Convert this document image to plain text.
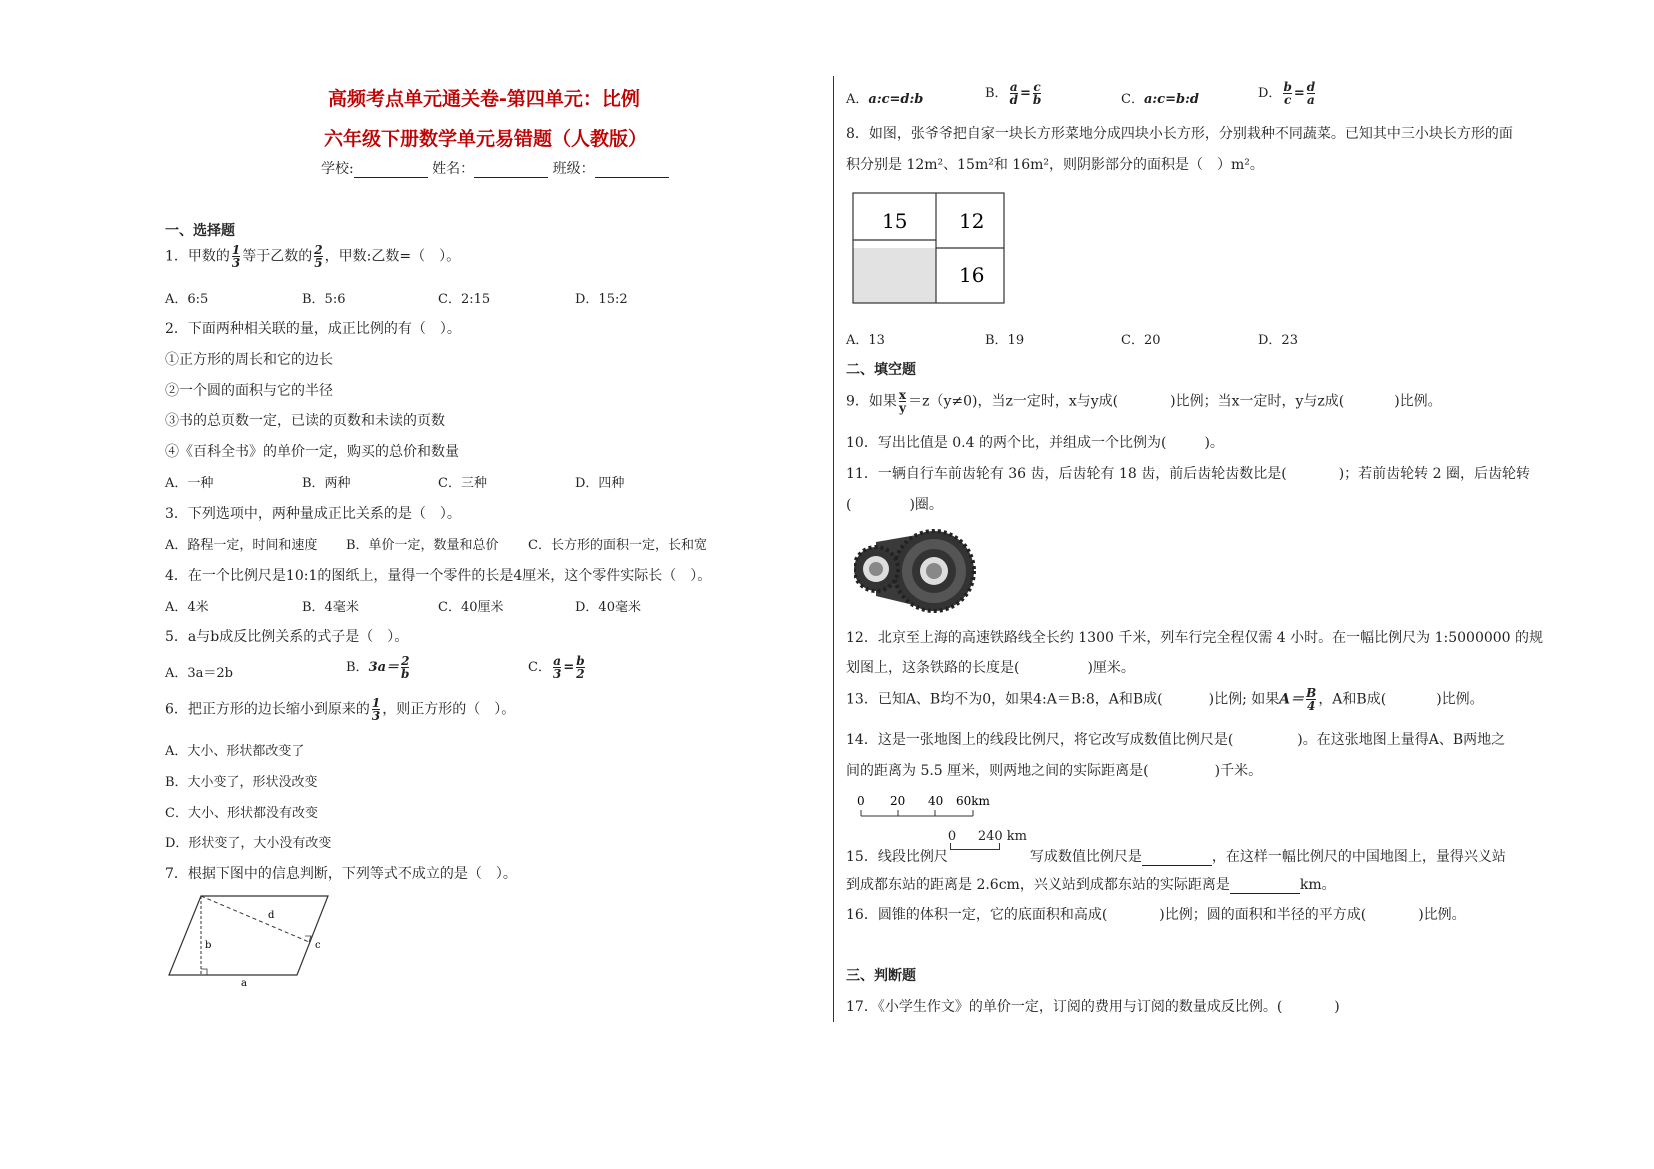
高频考点单元通关卷-第四单元：比例
六年级下册数学单元易错题（人教版）
学校:	姓名：	班级：
一、选择题
1．甲数的 $\frac{1}{3}$ 等于乙数的 $\frac{2}{5}$ ，甲数:乙数=（　）。
A．6:5	B．5:6	C．2:15	D．15:2
2．下面两种相关联的量，成正比例的有（　）。
①正方形的周长和它的边长
②一个圆的面积与它的半径
③书的总页数一定，已读的页数和未读的页数
④《百科全书》的单价一定，购买的总价和数量
A．一种	B．两种	C．三种	D．四种
3．下列选项中，两种量成正比关系的是（　）。
A．路程一定，时间和速度 B．单价一定，数量和总价 C．长方形的面积一定，长和宽
4．在一个比例尺是10:1的图纸上，量得一个零件的长是4厘米，这个零件实际长（　）。
A．4米	B．4毫米	C．40厘米	D．40毫米
5．a与b成反比例关系的式子是（　）。
A．3a＝2b	B．$3a= \frac{2}{b}$	C． $\frac{a}{3} = \frac{b}{2}$
6．把正方形的边长缩小到原来的 $\frac{1}{3}$ ，则正方形的（　）。
A．大小、形状都改变了
B．大小变了，形状没改变
C．大小、形状都没有改变
D．形状变了，大小没有改变
7．根据下图中的信息判断，下列等式不成立的是（　）。
b
d
c
a
A．a:c=d:b	B． $\frac{a}{d} = \frac{c}{b}$	C．a:c=b:d	D． $\frac{b}{c} = \frac{d}{a}$
8．如图，张爷爷把自家一块长方形菜地分成四块小长方形，分别栽种不同蔬菜。已知其中三小块长方形的面
积分别是 12m²、15m²和 16m²，则阴影部分的面积是（　）m²。
15	12
16
A．13	B．19	C．20	D．23
二、填空题
9．如果 $\frac{x}{y} =z(y\ne 0)$，当z一定时，x与y成(	)比例；当x一定时，y与z成(	)比例。
10．写出比值是 0.4 的两个比，并组成一个比例为(	)。
11．一辆自行车前齿轮有 36 齿，后齿轮有 18 齿，前后齿轮齿数比是(	)；若前齿轮转 2 圈，后齿轮转
(	)圈。
12．北京至上海的高速铁路线全长约 1300 千米，列车行完全程仅需 4 小时。在一幅比例尺为 1:5000000 的规
划图上，这条铁路的长度是(	)厘米。
13．已知A、B均不为0，如果4:A＝B:8，A和B成(	)比例; 如果$A= \frac{B}{4}$ ，A和B成(	)比例。
14．这是一张地图上的线段比例尺，将它改写成数值比例尺是(	)。在这张地图上量得A、B两地之
间的距离为 5.5 厘米，则两地之间的实际距离是(	)千米。
0 20 40 60km
15．线段比例尺
0 240 km
写成数值比例尺是	，在这样一幅比例尺的中国地图上，量得兴义站
到成都东站的距离是 2.6cm，兴义站到成都东站的实际距离是	km。
16．圆锥的体积一定，它的底面积和高成(	)比例；圆的面积和半径的平方成(	)比例。
三、判断题
17．《小学生作文》的单价一定，订阅的费用与订阅的数量成反比例。(	)
